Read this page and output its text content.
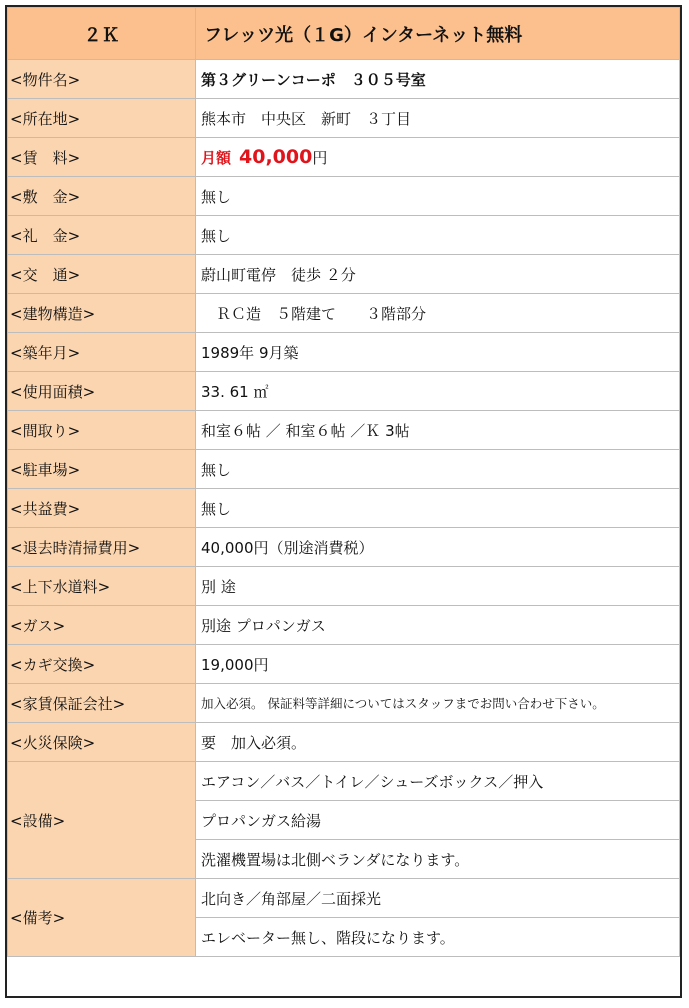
２Ｋ	フレッツ光（１G）インターネット無料
<物件名>	第３グリーンコーポ　３０５号室
<所在地>	熊本市　中央区　新町　３丁目
<賃　料>	月額 40,000円
<敷　金>	無し
<礼　金>	無し
<交　通>	蔚山町電停　徒歩 ２分
<建物構造>	　ＲＣ造　５階建て　　３階部分
<築年月>	1989年 9月築
<使用面積>	33. 61 ㎡
<間取り>	和室６帖 ／ 和室６帖 ／Ｋ 3帖
<駐車場>	無し
<共益費>	無し
<退去時清掃費用>	40,000円（別途消費税）
<上下水道料>	別 途
<ガス>	別途 プロパンガス
<カギ交換>	19,000円
<家賃保証会社>	加入必須。 保証料等詳細についてはスタッフまでお問い合わせ下さい。
<火災保険>	要　加入必須。
<設備>	エアコン／バス／トイレ／シューズボックス／押入
	プロパンガス給湯
	洗濯機置場は北側ベランダになります。
<備考>	北向き／角部屋／二面採光
	エレベーター無し、階段になります。
